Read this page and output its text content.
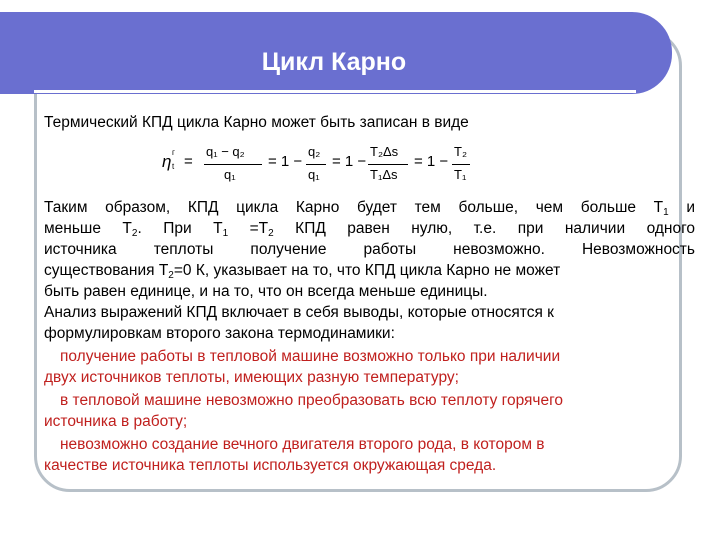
Цикл Карно
Термический КПД цикла Карно может быть записан в виде
η г
t =
q₁ − q₂
q₁
= 1 −
q₂
q₁
= 1 −
T₂Δs
T₁Δs
= 1 −
T₂
T₁
Таким образом, КПД цикла Карно будет тем больше, чем больше $Т_1$ и
меньше $Т_2$. При $Т_1 =Т_2$ КПД равен нулю, т.е. при наличии одного
источника теплоты получение работы невозможно. Невозможность
существования $Т_2=0$ К, указывает на то, что КПД цикла Карно не может
быть равен единице, и на то, что он всегда меньше единицы.
Анализ выражений КПД включает в себя выводы, которые относятся к
формулировкам второго закона термодинамики:
получение работы в тепловой машине возможно только при наличии
двух источников теплоты, имеющих разную температуру;
в тепловой машине невозможно преобразовать всю теплоту горячего
источника в работу;
невозможно создание вечного двигателя второго рода, в котором в
качестве источника теплоты используется окружающая среда.
